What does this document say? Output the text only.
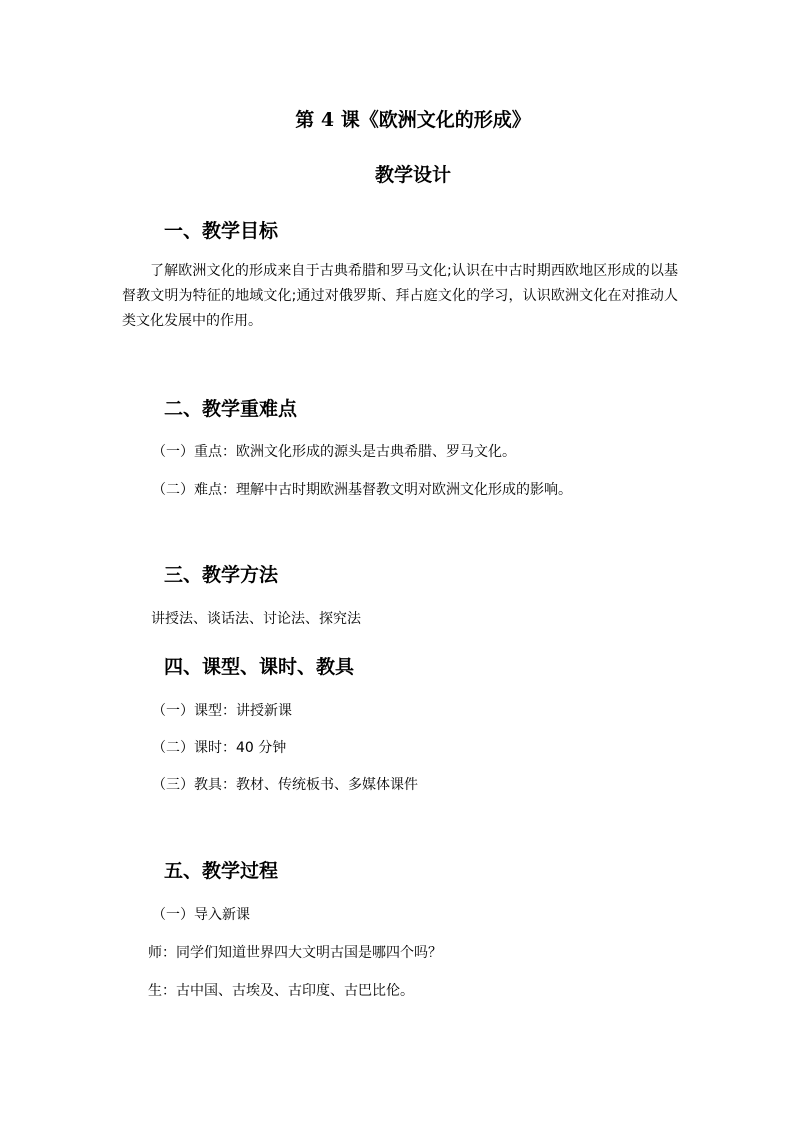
第 4 课《欧洲文化的形成》
教学设计
一、教学目标
了解欧洲文化的形成来自于古典希腊和罗马文化;认识在中古时期西欧地区形成的以基督教文明为特征的地域文化;通过对俄罗斯、拜占庭文化的学习，认识欧洲文化在对推动人类文化发展中的作用。
二、教学重难点
（一）重点：欧洲文化形成的源头是古典希腊、罗马文化。
（二）难点：理解中古时期欧洲基督教文明对欧洲文化形成的影响。
三、教学方法
讲授法、谈话法、讨论法、探究法
四、课型、课时、教具
（一）课型：讲授新课
（二）课时：40 分钟
（三）教具：教材、传统板书、多媒体课件
五、教学过程
（一）导入新课
师：同学们知道世界四大文明古国是哪四个吗？
生：古中国、古埃及、古印度、古巴比伦。
